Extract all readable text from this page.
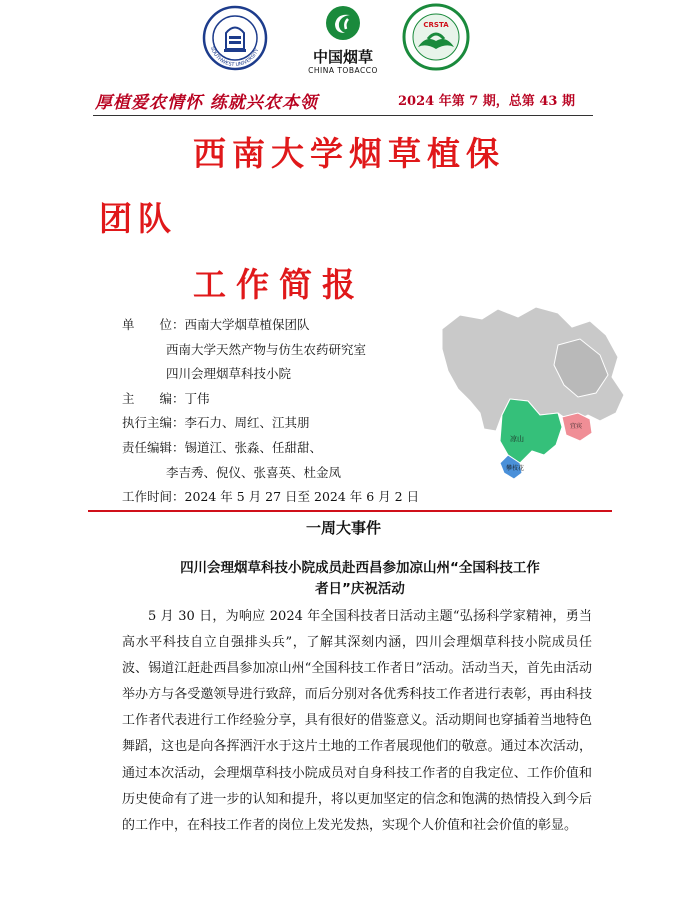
SOUTHWEST UNIVERSITY	中国烟草
CHINA TOBACCO
CRSTA
厚植爱农情怀 练就兴农本领	2024 年第 7 期，总第 43 期
西南大学烟草植保
团队
工作简报
单　　位：西南大学烟草植保团队
西南大学天然产物与仿生农药研究室
四川会理烟草科技小院
主　　编：丁伟
执行主编：李石力、周红、江其朋
责任编辑：锡道江、张淼、任甜甜、
李吉秀、倪仪、张喜英、杜金凤
工作时间：2024 年 5 月 27 日至 2024 年 6 月 2 日
凉山
宜宾
攀枝花
一周大事件
四川会理烟草科技小院成员赴西昌参加凉山州“全国科技工作
者日”庆祝活动

5 月 30 日，为响应 2024 年全国科技者日活动主题“弘扬科学家精神，勇当高水平科技自立自强排头兵”，了解其深刻内涵，四川会理烟草科技小院成员任波、锡道江赶赴西昌参加凉山州“全国科技工作者日”活动。活动当天，首先由活动举办方与各受邀领导进行致辞，而后分别对各优秀科技工作者进行表彰，再由科技工作者代表进行工作经验分享，具有很好的借鉴意义。活动期间也穿插着当地特色舞蹈，这也是向各挥洒汗水于这片土地的工作者展现他们的敬意。通过本次活动，通过本次活动，会理烟草科技小院成员对自身科技工作者的自我定位、工作价值和历史使命有了进一步的认知和提升，将以更加坚定的信念和饱满的热情投入到今后的工作中，在科技工作者的岗位上发光发热，实现个人价值和社会价值的彰显。
